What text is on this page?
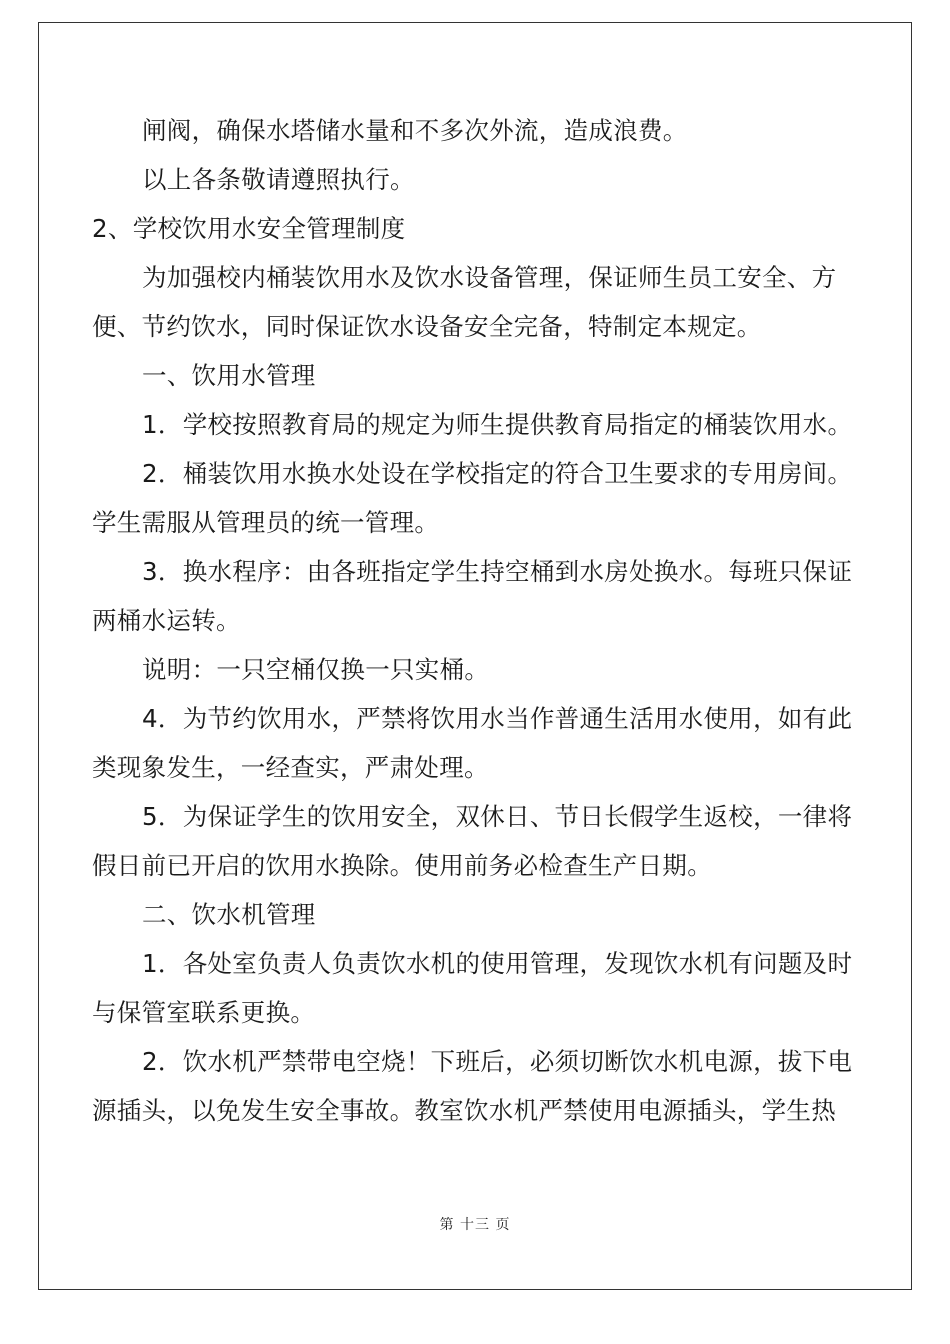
闸阀，确保水塔储水量和不多次外流，造成浪费。

以上各条敬请遵照执行。

2、学校饮用水安全管理制度

为加强校内桶装饮用水及饮水设备管理，保证师生员工安全、方便、节约饮水，同时保证饮水设备安全完备，特制定本规定。

一、饮用水管理

1．学校按照教育局的规定为师生提供教育局指定的桶装饮用水。

2．桶装饮用水换水处设在学校指定的符合卫生要求的专用房间。学生需服从管理员的统一管理。

3．换水程序：由各班指定学生持空桶到水房处换水。每班只保证两桶水运转。

说明：一只空桶仅换一只实桶。

4．为节约饮用水，严禁将饮用水当作普通生活用水使用，如有此类现象发生，一经查实，严肃处理。

5．为保证学生的饮用安全，双休日、节日长假学生返校，一律将假日前已开启的饮用水换除。使用前务必检查生产日期。

二、饮水机管理

1．各处室负责人负责饮水机的使用管理，发现饮水机有问题及时与保管室联系更换。

2．饮水机严禁带电空烧！下班后，必须切断饮水机电源，拔下电源插头，以免发生安全事故。教室饮水机严禁使用电源插头，学生热

第 十三 页
